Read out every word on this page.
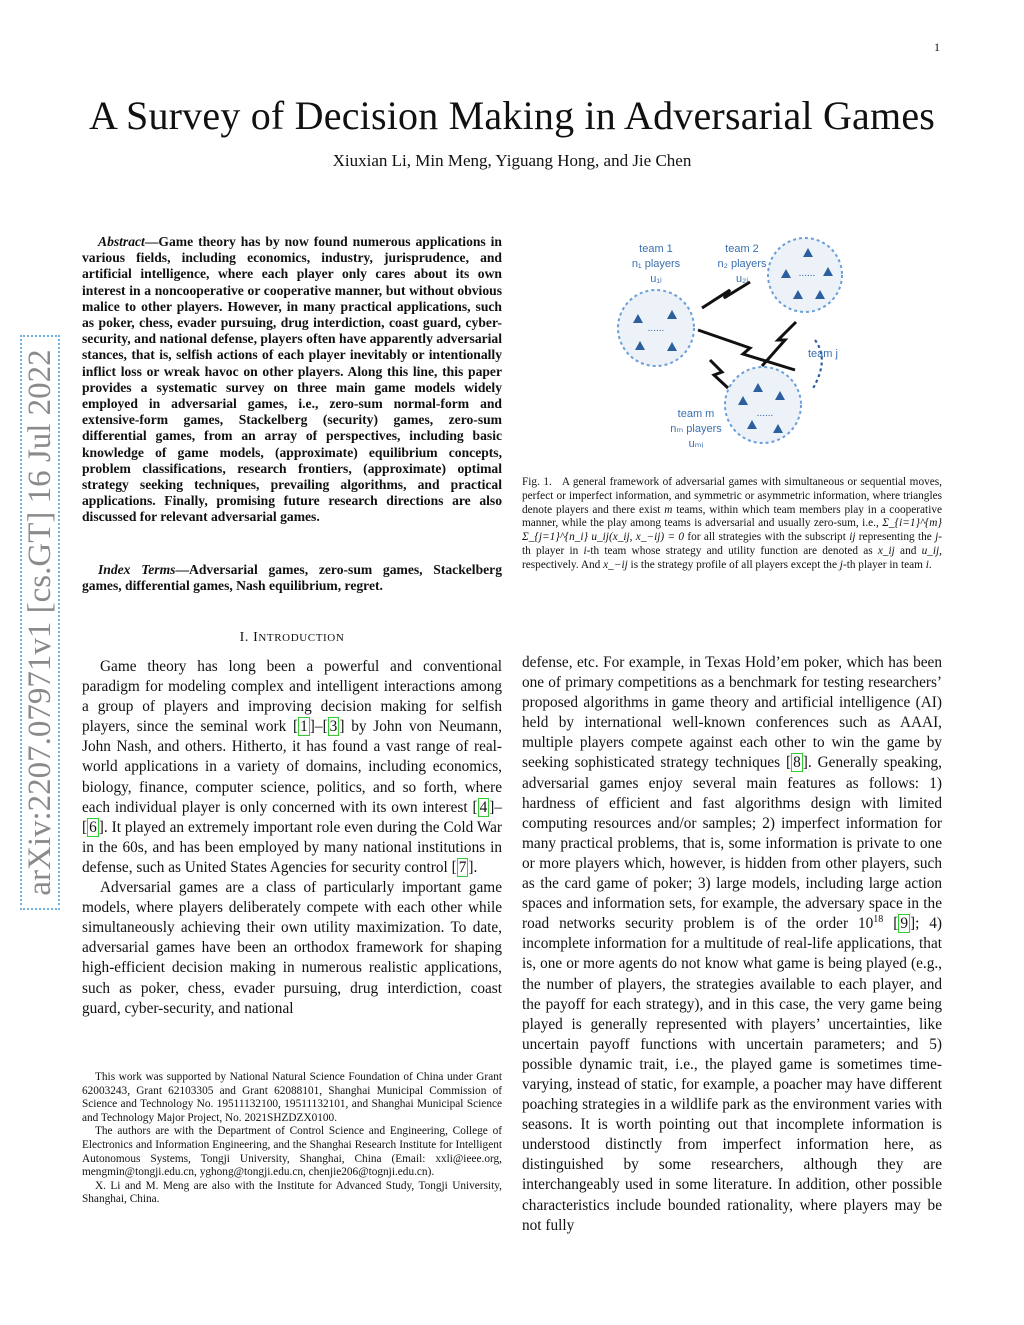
1
A Survey of Decision Making in Adversarial Games
Xiuxian Li, Min Meng, Yiguang Hong, and Jie Chen
arXiv:2207.07971v1 [cs.GT] 16 Jul 2022
Abstract—Game theory has by now found numerous applications in various fields, including economics, industry, jurisprudence, and artificial intelligence, where each player only cares about its own interest in a noncooperative or cooperative manner, but without obvious malice to other players. However, in many practical applications, such as poker, chess, evader pursuing, drug interdiction, coast guard, cyber-security, and national defense, players often have apparently adversarial stances, that is, selfish actions of each player inevitably or intentionally inflict loss or wreak havoc on other players. Along this line, this paper provides a systematic survey on three main game models widely employed in adversarial games, i.e., zero-sum normal-form and extensive-form games, Stackelberg (security) games, zero-sum differential games, from an array of perspectives, including basic knowledge of game models, (approximate) equilibrium concepts, problem classifications, research frontiers, (approximate) optimal strategy seeking techniques, prevailing algorithms, and practical applications. Finally, promising future research directions are also discussed for relevant adversarial games.
Index Terms—Adversarial games, zero-sum games, Stackelberg games, differential games, Nash equilibrium, regret.
I. INTRODUCTION

Game theory has long been a powerful and conventional paradigm for modeling complex and intelligent interactions among a group of players and improving decision making for selfish players, since the seminal work [ 1 ]–[ 3 ] by John von Neumann, John Nash, and others. Hitherto, it has found a vast range of real-world applications in a variety of domains, including economics, biology, finance, computer science, politics, and so forth, where each individual player is only concerned with its own interest [ 4 ]–[ 6 ]. It played an extremely important role even during the Cold War in the 60s, and has been employed by many national institutions in defense, such as United States Agencies for security control [ 7 ].

Adversarial games are a class of particularly important game models, where players deliberately compete with each other while simultaneously achieving their own utility maximization. To date, adversarial games have been an orthodox framework for shaping high-efficient decision making in numerous realistic applications, such as poker, chess, evader pursuing, drug interdiction, coast guard, cyber-security, and national

This work was supported by National Natural Science Foundation of China under Grant 62003243, Grant 62103305 and Grant 62088101, Shanghai Municipal Commission of Science and Technology No. 19511132100, 19511132101, and Shanghai Municipal Science and Technology Major Project, No. 2021SHZDZX0100.

The authors are with the Department of Control Science and Engineering, College of Electronics and Information Engineering, and the Shanghai Research Institute for Intelligent Autonomous Systems, Tongji University, Shanghai, China (Email: xxli@ieee.org, mengmin@tongji.edu.cn, yghong@tongji.edu.cn, chenjie206@tognji.edu.cn).

X. Li and M. Meng are also with the Institute for Advanced Study, Tongji University, Shanghai, China.

......
......
......
team 1
n₁ players
u₁ᵢ
team 2
n₂ players
u₂ᵢ
team m
nₘ players
uₘᵢ
team j
Fig. 1. A general framework of adversarial games with simultaneous or sequential moves, perfect or imperfect information, and symmetric or asymmetric information, where triangles denote players and there exist m teams, within which team members play in a cooperative manner, while the play among teams is adversarial and usually zero-sum, i.e., Σ_{i=1}^{m} Σ_{j=1}^{n_i} u_ij(x_ij, x_−ij) = 0 for all strategies with the subscript ij representing the j-th player in i-th team whose strategy and utility function are denoted as x_ij and u_ij, respectively. And x_−ij is the strategy profile of all players except the j-th player in team i.
defense, etc. For example, in Texas Hold’em poker, which has been one of primary competitions as a benchmark for testing researchers’ proposed algorithms in game theory and artificial intelligence (AI) held by international well-known conferences such as AAAI, multiple players compete against each other to win the game by seeking sophisticated strategy techniques [ 8 ]. Generally speaking, adversarial games enjoy several main features as follows: 1) hardness of efficient and fast algorithms design with limited computing resources and/or samples; 2) imperfect information for many practical problems, that is, some information is private to one or more players which, however, is hidden from other players, such as the card game of poker; 3) large models, including large action spaces and information sets, for example, the adversary space in the road networks security problem is of the order $10^{18}$ [ 9 ]; 4) incomplete information for a multitude of real-life applications, that is, one or more agents do not know what game is being played (e.g., the number of players, the strategies available to each player, and the payoff for each strategy), and in this case, the very game being played is generally represented with players’ uncertainties, like uncertain payoff functions with uncertain parameters; and 5) possible dynamic trait, i.e., the played game is sometimes time-varying, instead of static, for example, a poacher may have different poaching strategies in a wildlife park as the environment varies with seasons. It is worth pointing out that incomplete information is understood distinctly from imperfect information here, as distinguished by some researchers, although they are interchangeably used in some literature. In addition, other possible characteristics include bounded rationality, where players may be not fully
